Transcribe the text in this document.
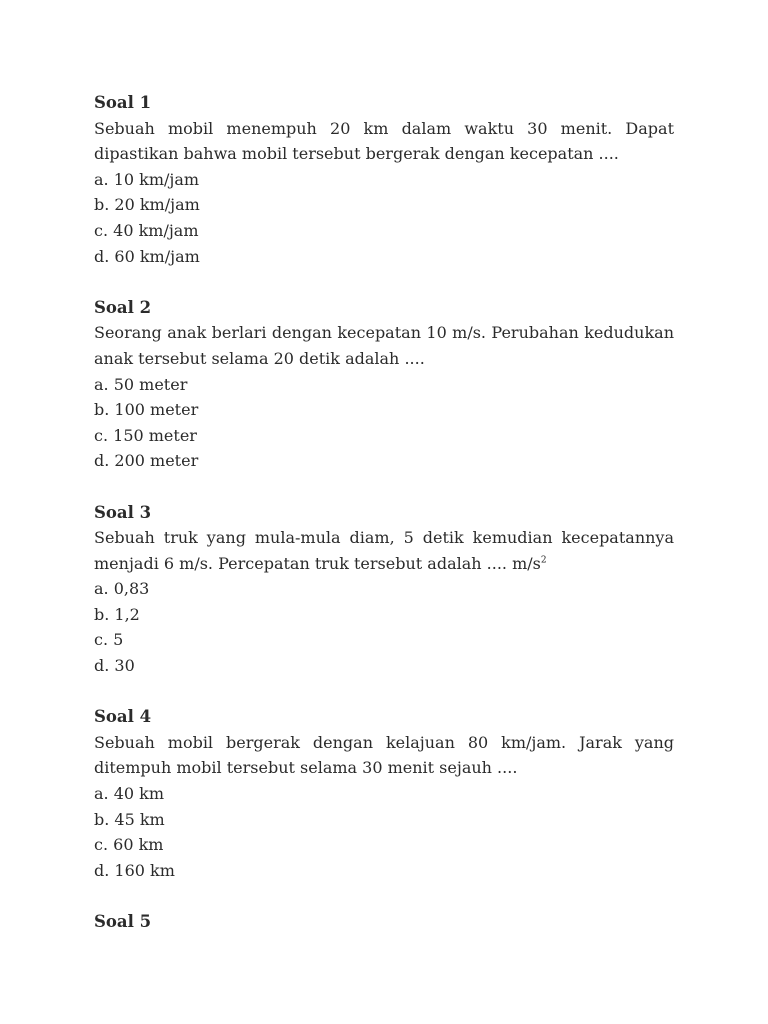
Soal 1

Sebuah mobil menempuh 20 km dalam waktu 30 menit. Dapat dipastikan bahwa mobil tersebut bergerak dengan kecepatan ....

a. 10 km/jam
b. 20 km/jam
c. 40 km/jam
d. 60 km/jam

Soal 2

Seorang anak berlari dengan kecepatan 10 m/s. Perubahan kedudukan anak tersebut selama 20 detik adalah ....

a. 50 meter
b. 100 meter
c. 150 meter
d. 200 meter

Soal 3

Sebuah truk yang mula-mula diam, 5 detik kemudian kecepatannya menjadi 6 m/s. Percepatan truk tersebut adalah .... $m/s^2$

a. 0,83
b. 1,2
c. 5
d. 30

Soal 4

Sebuah mobil bergerak dengan kelajuan 80 km/jam. Jarak yang ditempuh mobil tersebut selama 30 menit sejauh ....

a. 40 km
b. 45 km
c. 60 km
d. 160 km

Soal 5
